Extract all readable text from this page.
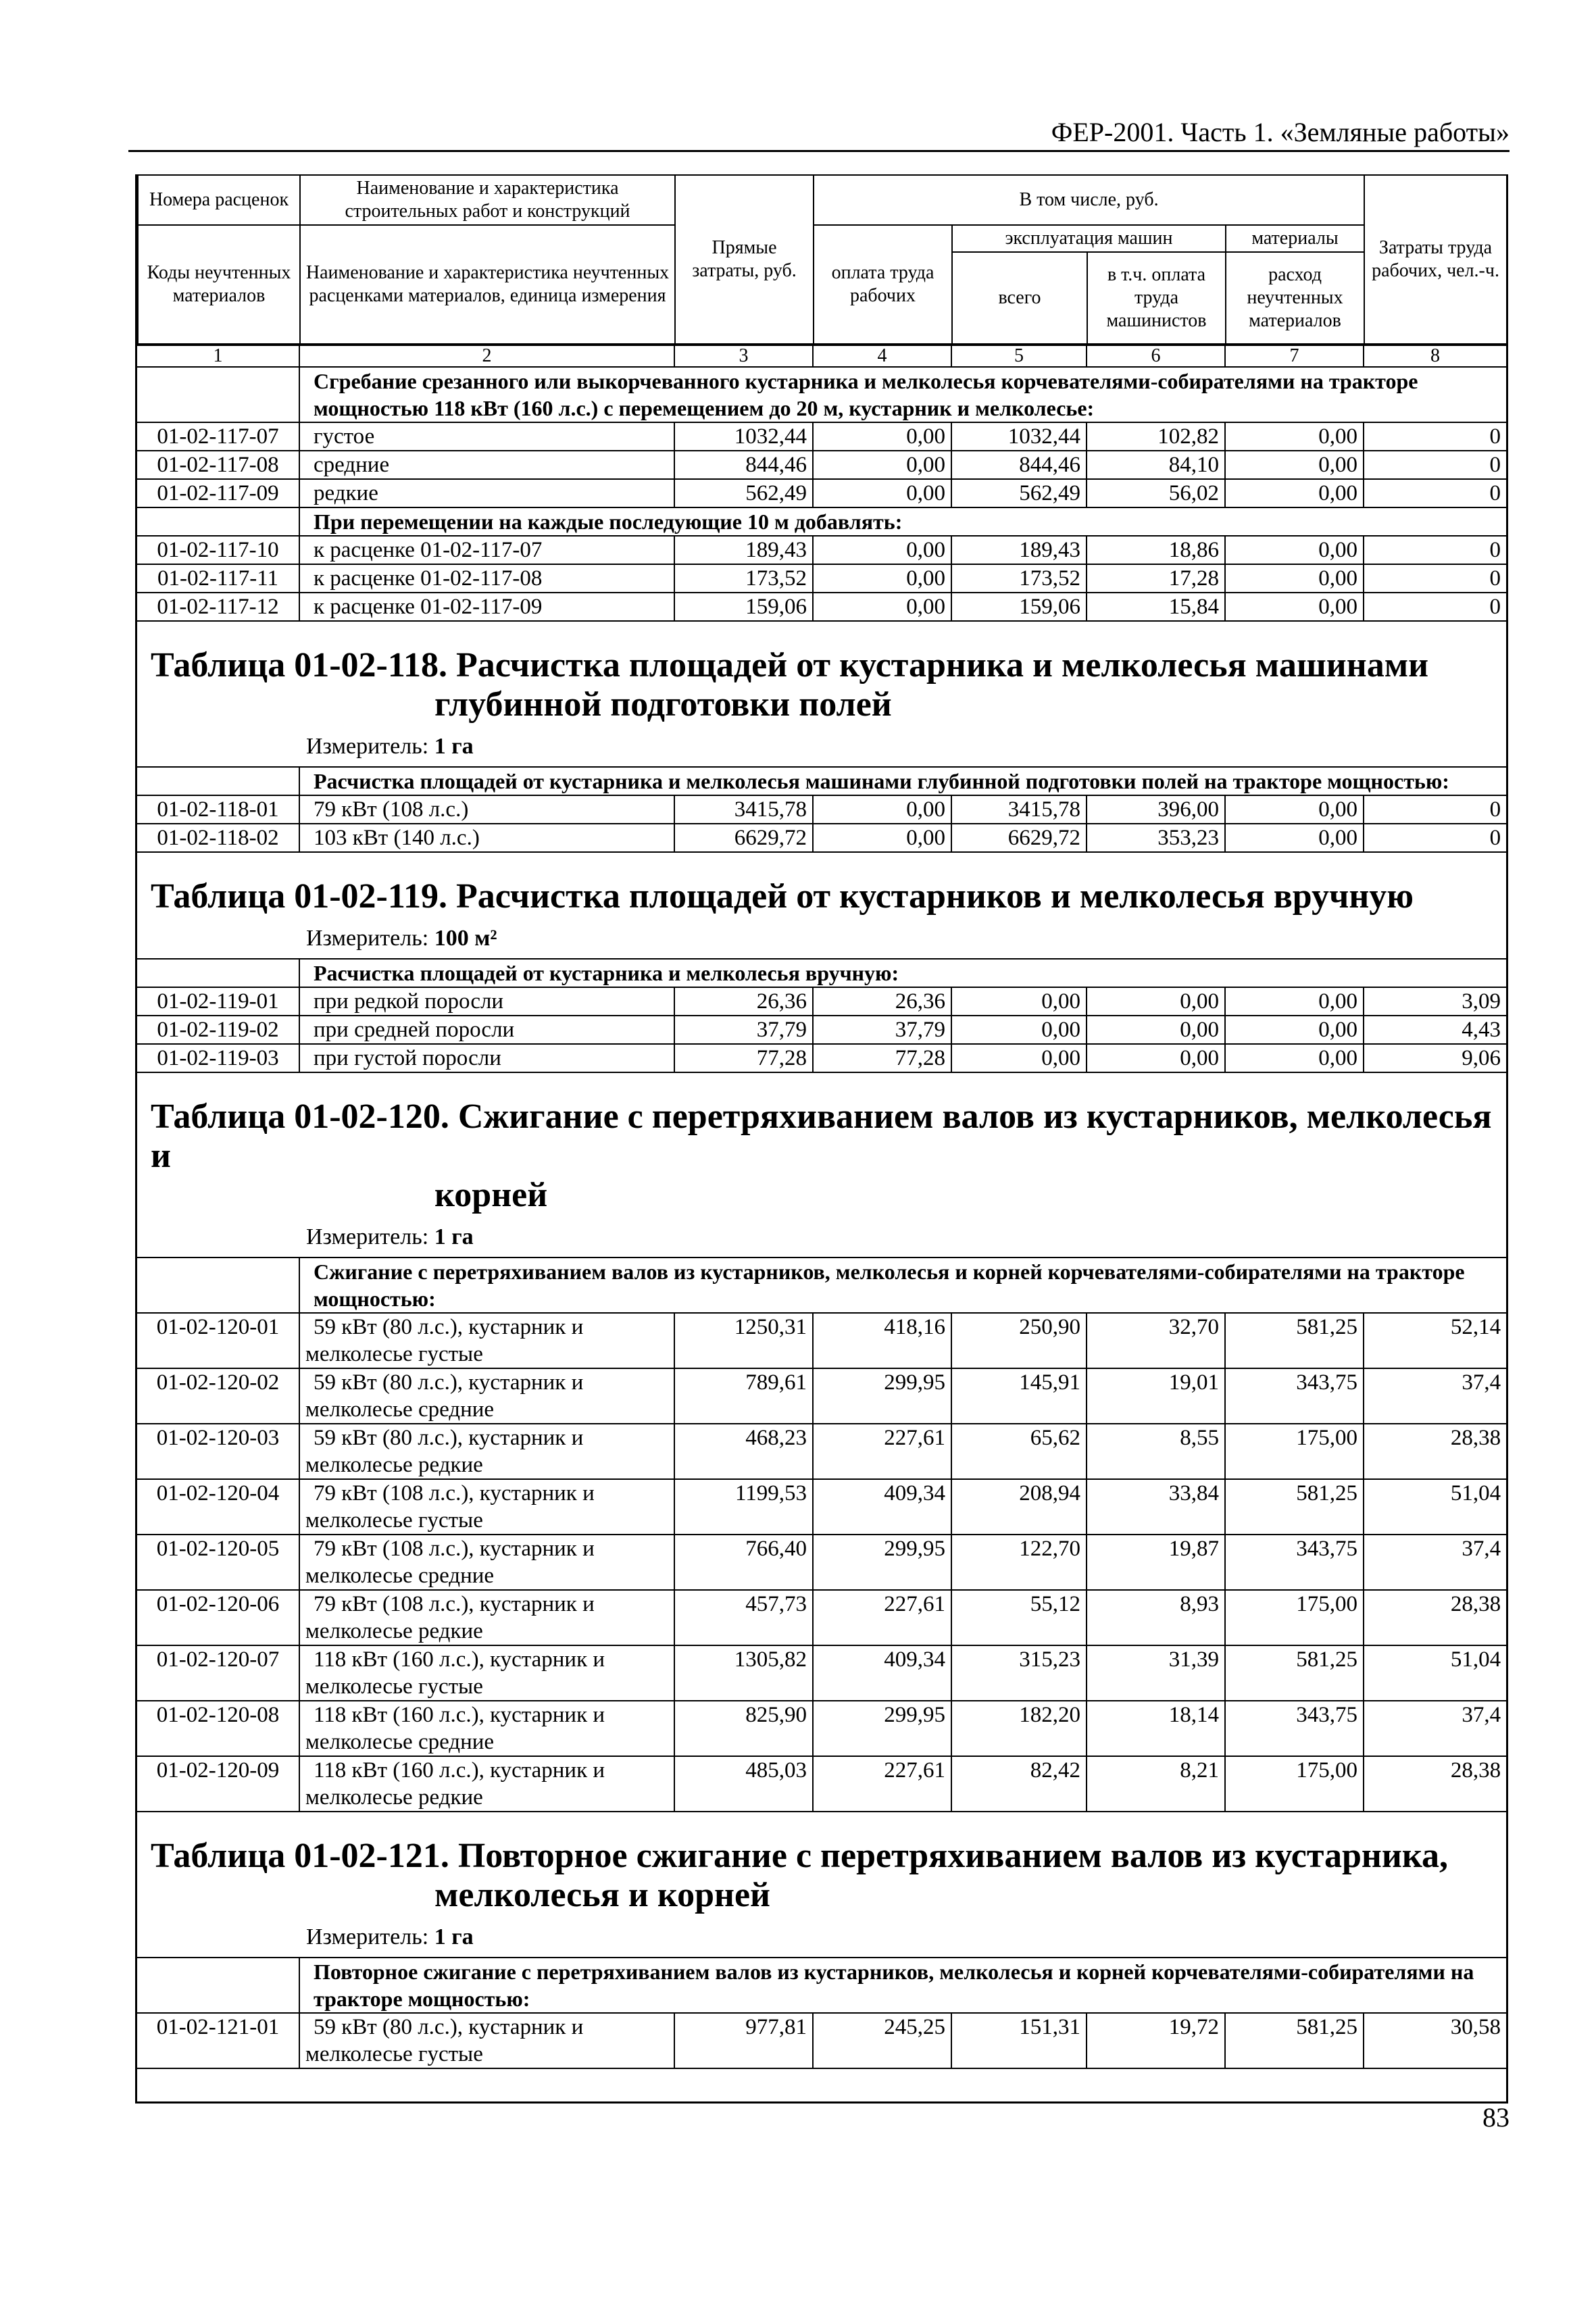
ФЕР-2001. Часть 1. «Земляные работы»
Номера расценок	Наименование и характеристика строительных работ и конструкций	Прямые затраты, руб.	В том числе, руб.				Затраты труда рабочих, чел.-ч.
Коды неучтенных материалов	Наименование и характеристика неучтенных расценками материалов, единица измерения		оплата труда рабочих	эксплуатация машин		материалы	
				всего	в т.ч. оплата труда машинистов	расход неучтенных материалов	
1	2	3	4	5	6	7	8
	Сгребание срезанного или выкорчеванного кустарника и мелколесья корчевателями-собирателями на тракторе мощностью 118 кВт (160 л.с.) с перемещением до 20 м, кустарник и мелколесье:						
01-02-117-07	густое	1032,44	0,00	1032,44	102,82	0,00	0
01-02-117-08	средние	844,46	0,00	844,46	84,10	0,00	0
01-02-117-09	редкие	562,49	0,00	562,49	56,02	0,00	0
	При перемещении на каждые последующие 10 м добавлять:						
01-02-117-10	к расценке 01-02-117-07	189,43	0,00	189,43	18,86	0,00	0
01-02-117-11	к расценке 01-02-117-08	173,52	0,00	173,52	17,28	0,00	0
01-02-117-12	к расценке 01-02-117-09	159,06	0,00	159,06	15,84	0,00	0
Таблица 01-02-118. Расчистка площадей от кустарника и мелколесья машинами
глубинной подготовки полей
Измеритель: 1 га
	Расчистка площадей от кустарника и мелколесья машинами глубинной подготовки полей на тракторе мощностью:						
01-02-118-01	79 кВт (108 л.с.)	3415,78	0,00	3415,78	396,00	0,00	0
01-02-118-02	103 кВт (140 л.с.)	6629,72	0,00	6629,72	353,23	0,00	0
Таблица 01-02-119. Расчистка площадей от кустарников и мелколесья вручную
Измеритель: 100 м²
	Расчистка площадей от кустарника и мелколесья вручную:						
01-02-119-01	при редкой поросли	26,36	26,36	0,00	0,00	0,00	3,09
01-02-119-02	при средней поросли	37,79	37,79	0,00	0,00	0,00	4,43
01-02-119-03	при густой поросли	77,28	77,28	0,00	0,00	0,00	9,06
Таблица 01-02-120. Сжигание с перетряхиванием валов из кустарников, мелколесья и
корней
Измеритель: 1 га
	Сжигание с перетряхиванием валов из кустарников, мелколесья и корней корчевателями-собирателями на тракторе мощностью:						
01-02-120-01	59 кВт (80 л.с.), кустарник и
мелколесье густые	1250,31	418,16	250,90	32,70	581,25	52,14
01-02-120-02	59 кВт (80 л.с.), кустарник и
мелколесье средние	789,61	299,95	145,91	19,01	343,75	37,4
01-02-120-03	59 кВт (80 л.с.), кустарник и
мелколесье редкие	468,23	227,61	65,62	8,55	175,00	28,38
01-02-120-04	79 кВт (108 л.с.), кустарник и
мелколесье густые	1199,53	409,34	208,94	33,84	581,25	51,04
01-02-120-05	79 кВт (108 л.с.), кустарник и
мелколесье средние	766,40	299,95	122,70	19,87	343,75	37,4
01-02-120-06	79 кВт (108 л.с.), кустарник и
мелколесье редкие	457,73	227,61	55,12	8,93	175,00	28,38
01-02-120-07	118 кВт (160 л.с.), кустарник и
мелколесье густые	1305,82	409,34	315,23	31,39	581,25	51,04
01-02-120-08	118 кВт (160 л.с.), кустарник и
мелколесье средние	825,90	299,95	182,20	18,14	343,75	37,4
01-02-120-09	118 кВт (160 л.с.), кустарник и
мелколесье редкие	485,03	227,61	82,42	8,21	175,00	28,38
Таблица 01-02-121. Повторное сжигание с перетряхиванием валов из кустарника,
мелколесья и корней
Измеритель: 1 га
	Повторное сжигание с перетряхиванием валов из кустарников, мелколесья и корней корчевателями-собирателями на тракторе мощностью:						
01-02-121-01	59 кВт (80 л.с.), кустарник и
мелколесье густые	977,81	245,25	151,31	19,72	581,25	30,58
83
